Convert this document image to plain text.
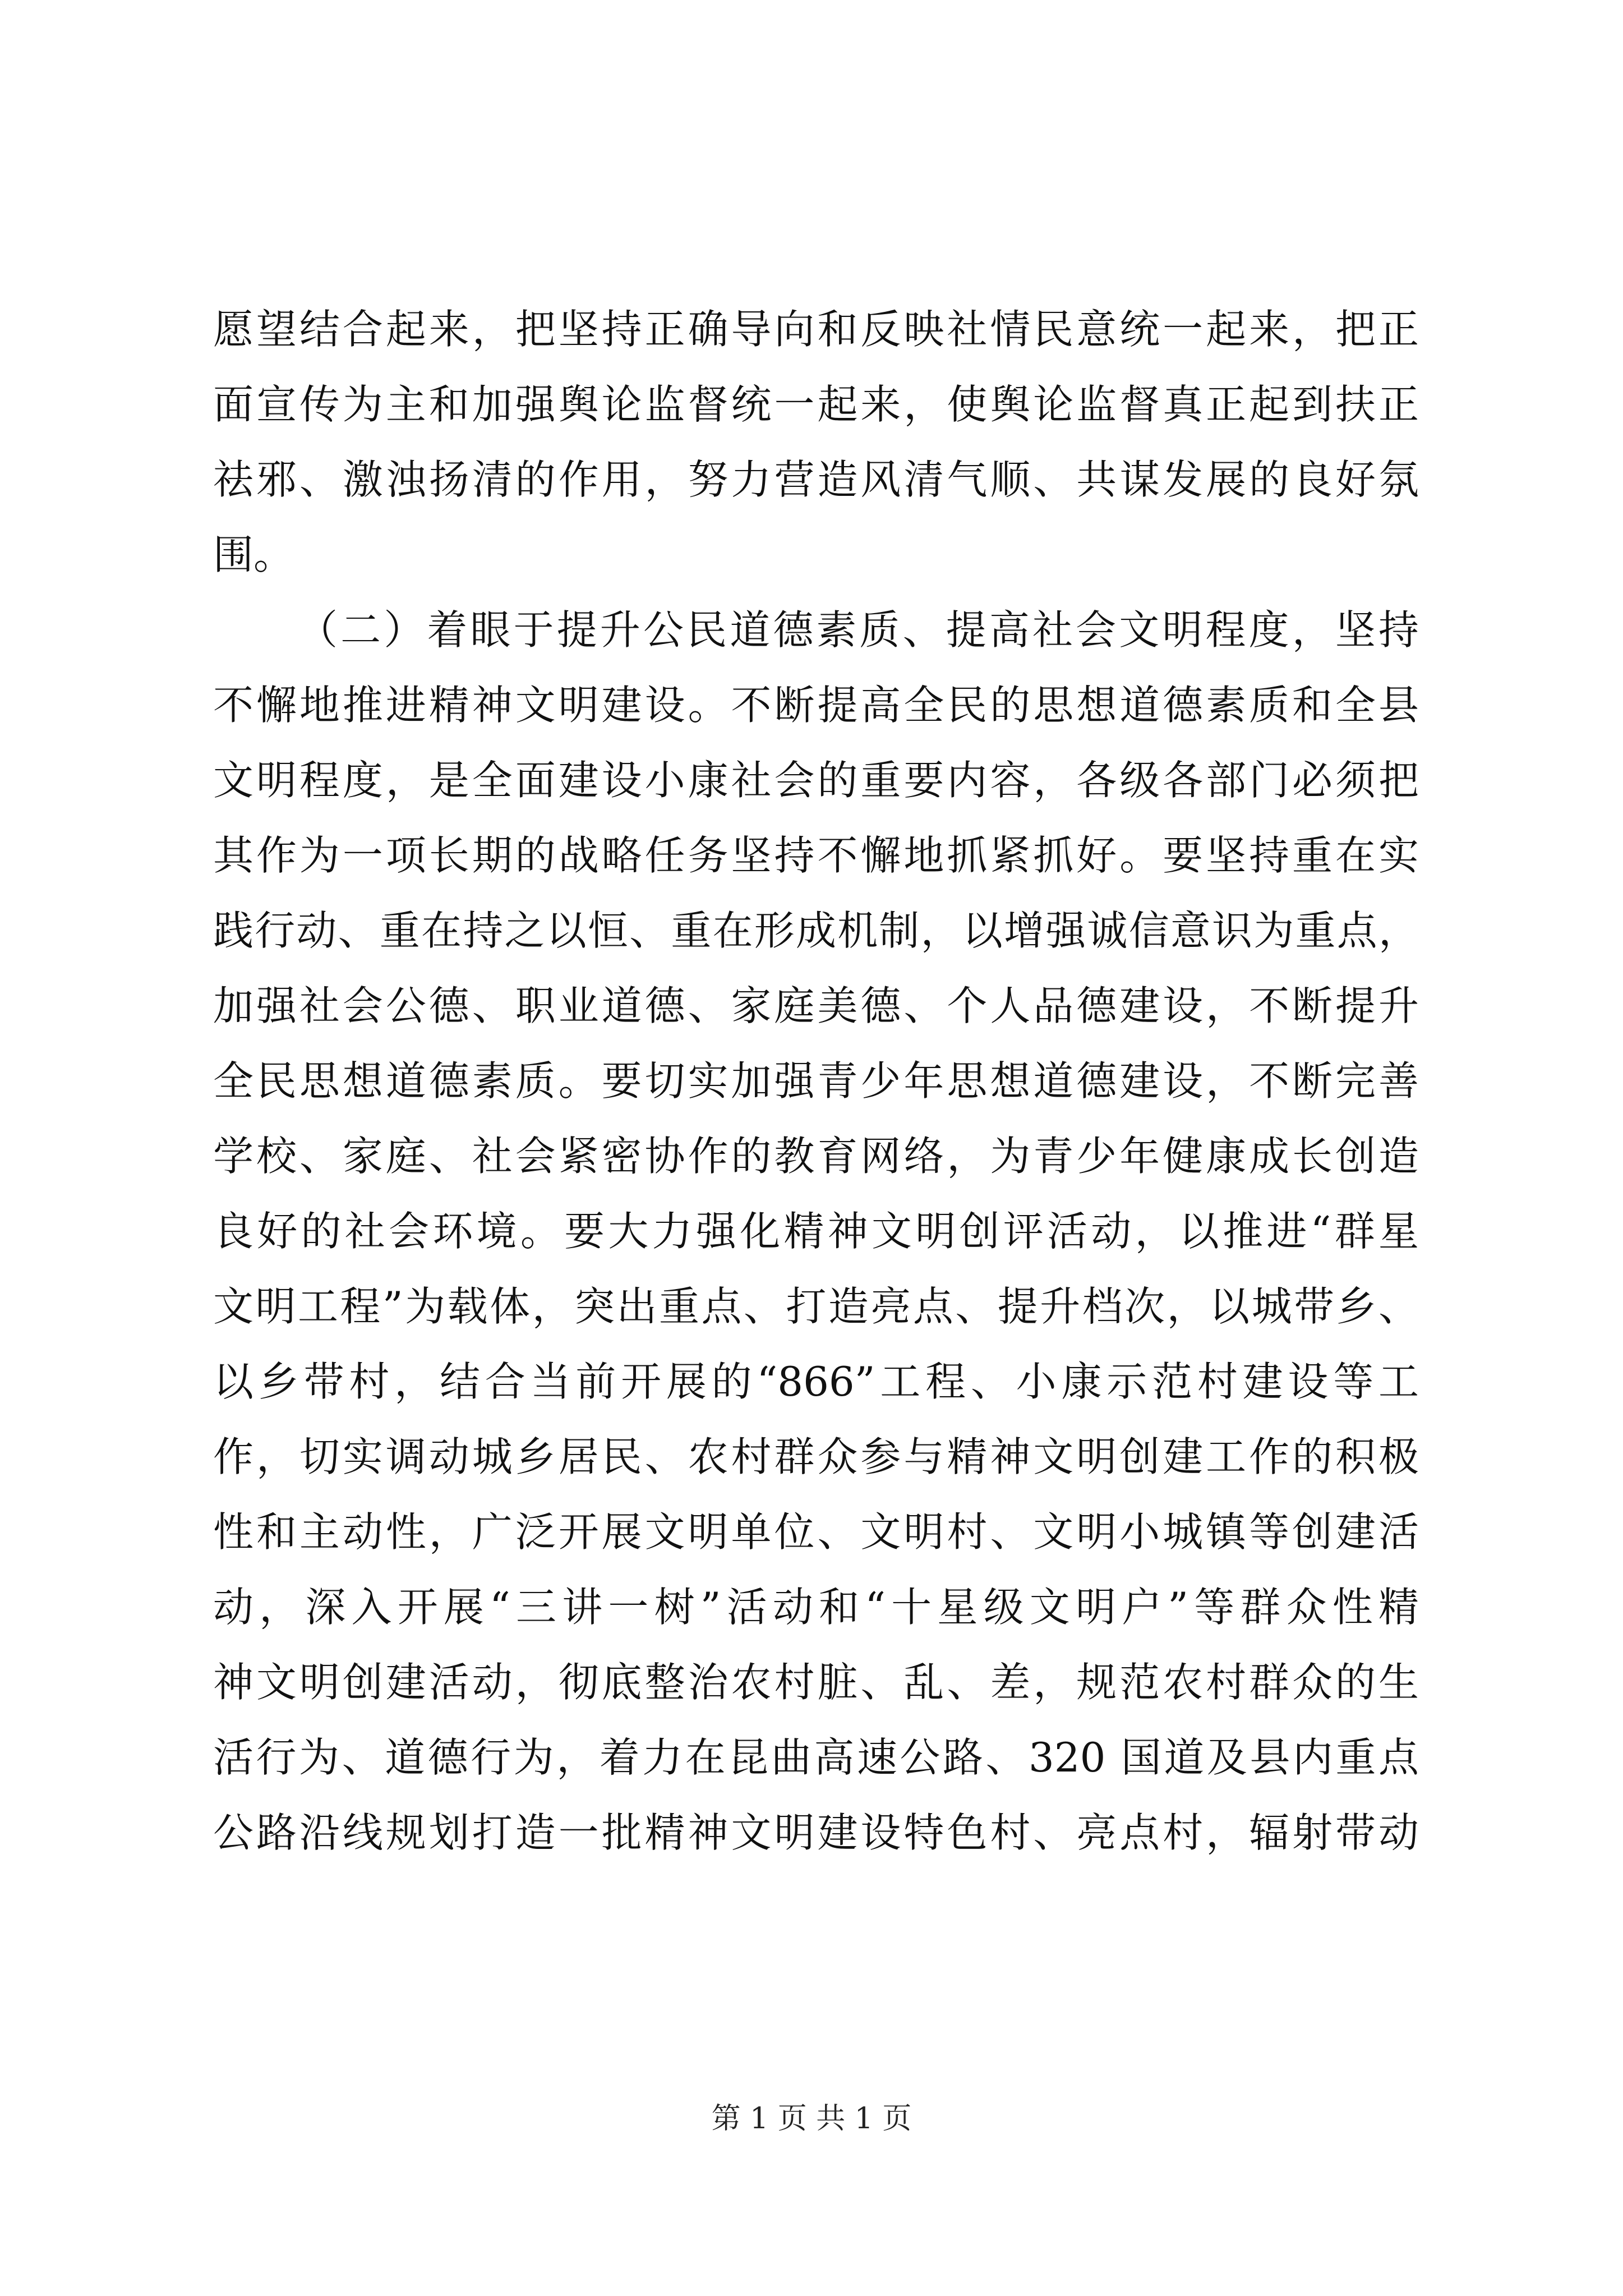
愿望结合起来，把坚持正确导向和反映社情民意统一起来，把正
面宣传为主和加强舆论监督统一起来，使舆论监督真正起到扶正
祛邪、激浊扬清的作用，努力营造风清气顺、共谋发展的良好氛
围。
（二）着眼于提升公民道德素质、提高社会文明程度，坚持
不懈地推进精神文明建设。不断提高全民的思想道德素质和全县
文明程度，是全面建设小康社会的重要内容，各级各部门必须把
其作为一项长期的战略任务坚持不懈地抓紧抓好。要坚持重在实
践行动、重在持之以恒、重在形成机制，以增强诚信意识为重点，
加强社会公德、职业道德、家庭美德、个人品德建设，不断提升
全民思想道德素质。要切实加强青少年思想道德建设，不断完善
学校、家庭、社会紧密协作的教育网络，为青少年健康成长创造
良好的社会环境。要大力强化精神文明创评活动，以推进“群星
文明工程”为载体，突出重点、打造亮点、提升档次，以城带乡、
以乡带村，结合当前开展的“866”工程、小康示范村建设等工
作，切实调动城乡居民、农村群众参与精神文明创建工作的积极
性和主动性，广泛开展文明单位、文明村、文明小城镇等创建活
动，深入开展“三讲一树”活动和“十星级文明户”等群众性精
神文明创建活动，彻底整治农村脏、乱、差，规范农村群众的生
活行为、道德行为，着力在昆曲高速公路、320 国道及县内重点
公路沿线规划打造一批精神文明建设特色村、亮点村，辐射带动
第 1 页 共 1 页
